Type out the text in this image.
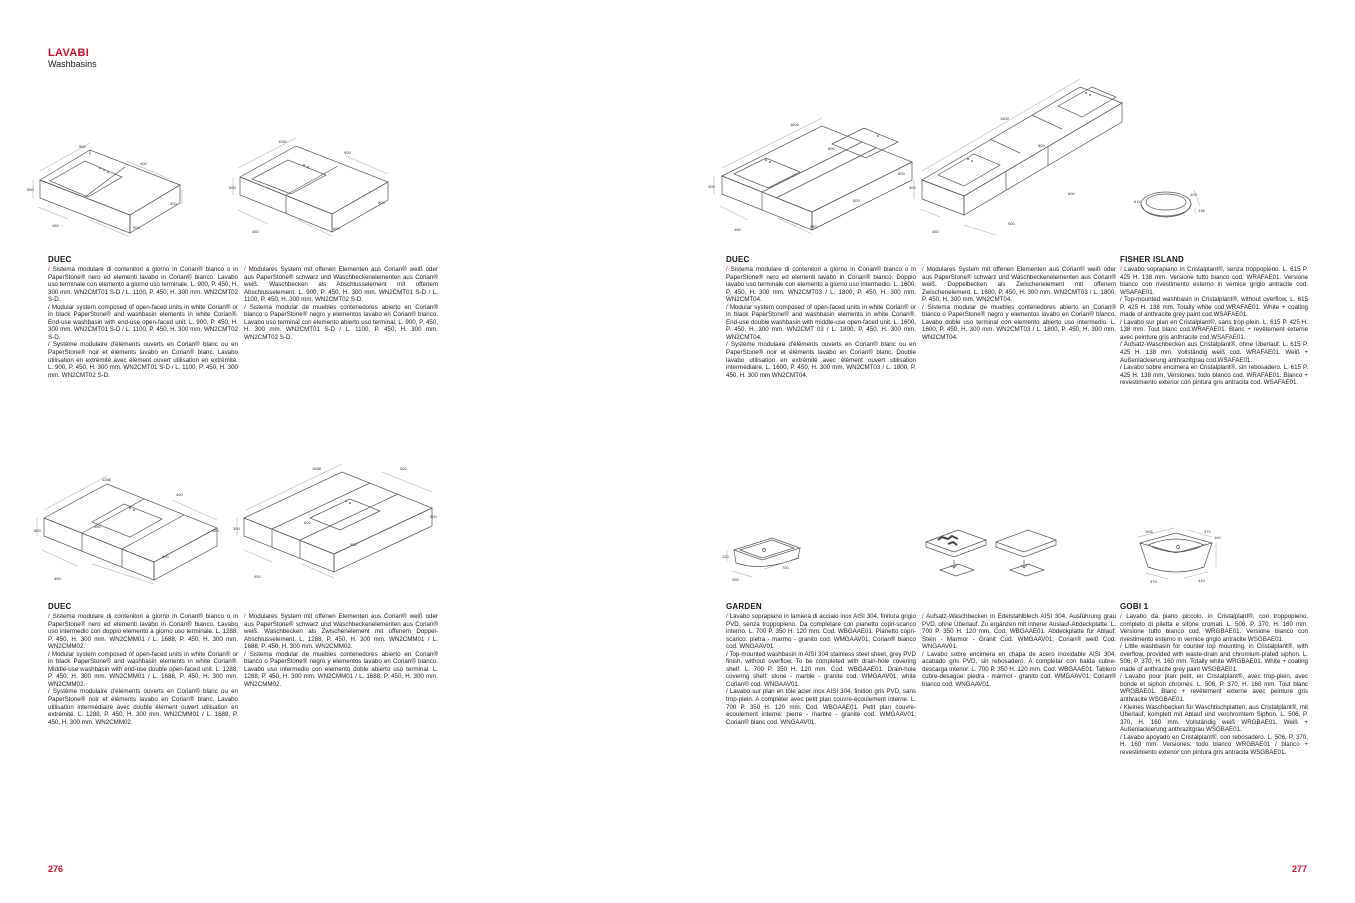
LAVABI
Washbasins
900
400
550
300
450	900
1100
900
500
500
450
650
1288
400
550
450
500
450
900
1688	500
600
500
300
900
450
1600
800
800
300
650
600
450
1800
800
300
900
600
450
615
425
138
120
700
350
506	370
160
370	410
DUEC
/ Sistema modulare di contenitori a giorno in Corian® bianco o in PaperStone® nero ed elementi lavabo in Corian® bianco. Lavabo uso terminale con elemento a giorno uso terminale. L. 900, P. 450, H. 300 mm. WN2CMT01 S-D / L. 1100, P. 450, H. 300 mm. WN2CMT02 S-D.
/ Modular system composed of open-faced units in white Corian® or in black PaperStone® and washbasin elements in white Corian®. End-use washbasin with end-use open-faced unit. L. 900, P. 450, H. 300 mm. WN2CMT01 S-D / L. 1100, P. 450, H. 300 mm. WN2CMT02 S-D.
/ Système modulaire d'éléments ouverts en Corian® blanc ou en PaperStone® noir et éléments lavabo en Corian® blanc. Lavabo utilisation en extrémité avec élément ouvert utilisation en extrémité. L. 900, P. 450, H. 300 mm. WN2CMT01 S-D / L. 1100, P. 450, H. 300 mm. WN2CMT02 S-D.
/ Modulares System mit offenen Elementen aus Corian® weiß oder aus PaperStone® schwarz und Waschbeckenelementen aus Corian® weiß. Waschbecken als Abschlusselement mit offenem Abschlusselement. L. 900, P. 450, H. 300 mm. WN2CMT01 S-D / L. 1100, P. 450, H. 300 mm. WN2CMT02 S-D.
/ Sistema modular de muebles contenedores abierto en Corian® blanco o PaperStone® negro y elementos lavabo en Corian® blanco. Lavabo uso terminal con elemento abierto uso terminal. L. 900, P. 450, H. 300 mm. WN2CMT01 S-D / L. 1100, P. 450, H. 300 mm. WN2CMT02 S-D.
DUEC
/ Sistema modulare di contenitori a giorno in Corian® bianco o in PaperStone® nero ed elementi lavabo in Corian® bianco. Lavabo uso intermedio con doppio elemento a giorno uso terminale. L. 1288, P. 450, H. 300 mm. WN2CMM01 / L. 1688, P. 450, H. 300 mm. WN2CMM02.
/ Modular system composed of open-faced units in white Corian® or in black PaperStone® and washbasin elements in white Corian®. Middle-use washbasin with end-use double open-faced unit. L. 1288, P. 450, H. 300 mm. WN2CMM01 / L. 1688, P. 450, H. 300 mm. WN2CMM02.
/ Système modulaire d'éléments ouverts en Corian® blanc ou en PaperStone® noir et éléments lavabo en Corian® blanc. Lavabo utilisation intermédiaire avec double élément ouvert utilisation en extrémité. L. 1288, P. 450, H. 300 mm. WN2CMM01 / L. 1688, P. 450, H. 300 mm. WN2CMM02.
/ Modulares System mit offenen Elementen aus Corian® weiß oder aus PaperStone® schwarz und Waschbeckenelementen aus Corian® weiß. Waschbecken als Zwischenelement mit offenem Doppel-Abschlusselement. L. 1288, P. 450, H. 300 mm. WN2CMM01 / L. 1688, P. 450, H. 300 mm. WN2CMM02.
/ Sistema modular de muebles contenedores abierto en Corian® blanco o PaperStone® negro y elementos lavabo en Corian® blanco. Lavabo uso intermedio con elemento doble abierto uso terminal. L. 1288, P. 450, H. 300 mm. WN2CMM01 / L. 1688, P. 450, H. 300 mm. WN2CMM02.
DUEC
/ Sistema modulare di contenitori a giorno in Corian® bianco o in PaperStone® nero ed elementi lavabo in Corian® bianco. Doppio lavabo uso terminale con elemento a giorno uso intermedio. L. 1600, P. 450, H. 300 mm. WN2CMT03 / L. 1800, P. 450, H. 300 mm. WN2CMT04.
/ Modular system composed of open-faced units in white Corian® or in black PaperStone® and washbasin elements in white Corian®. End-use double washbasin with middle-use open-faced unit. L. 1600, P. 450, H. 300 mm. WN2CMT 03 / L. 1800, P. 450, H. 300 mm. WN2CMT04.
/ Système modulaire d'éléments ouverts en Corian® blanc ou en PaperStone® noir et éléments lavabo en Corian® blanc. Double lavabo utilisation en extrémité avec élément ouvert utilisation intermédiaire. L. 1600, P. 450, H. 300 mm. WN2CMT03 / L. 1800, P. 450, H. 300 mm WN2CMT04.
/ Modulares System mit offenen Elementen aus Corian® weiß oder aus PaperStone® schwarz und Waschbeckenelementen aus Corian® weiß. Doppelbecken als Zwischenelement mit offenem Zwischenelement. L. 1600, P. 450, H. 300 mm. WN2CMT03 / L. 1800, P. 450, H. 300 mm. WN2CMT04.
/ Sistema modular de muebles contenedores abierto en Corian® blanco o PaperStone® negro y elementos lavabo en Corian® blanco. Lavabo doble uso terminal con elemento abierto uso intermedio. L. 1600, P. 450, H. 300 mm. WN2CMT03 / L. 1800, P. 450, H. 300 mm. WN2CMT04.
FISHER ISLAND
/ Lavabo soprapiano in Cristalplant®, senza troppopieno. L. 615 P. 425 H. 138 mm. Versione tutto bianco cod. WRAFAE01. Versione bianco con rivestimento esterno in vernice grigio antracite cod. WSAFAE01.
/ Top-mounted washbasin in Cristalplant®, without overflow. L. 615 P. 425 H. 138 mm. Totally white cod.WRAFAE01. White + coating made of anthracite grey paint cod.WSAFAE01.
/ Lavabo sur plan en Cristalplant®, sans trop-plein. L. 615 P. 425 H. 138 mm. Tout blanc cod.WRAFAE01. Blanc + revêtement externe avec peinture gris anthracite cod.WSAFAE01.
/ Aufsatz-Waschbecken aus Cristalplant®, ohne Überlauf. L. 615 P. 425 H. 138 mm. Vollständig weiß cod. WRAFAE01. Weiß + Außenlackierung anthrazitgrau cod.WSAFAE01.
/ Lavabo sobre encimera en Cristalplant®, sin rebosadero. L. 615 P. 425 H. 138 mm. Versiones: todo blanco cod. WRAFAE01. Blanco + revestimiento exterior con pintura gris antracita cod. WSAFAE01.
GARDEN
/ Lavabo soprapiano in lamiera di acciaio inox AISI 304, finitura grigio PVD, senza troppopieno. Da completare con pianetto copri-scarico interno. L. 700 P. 350 H. 120 mm. Cod. WBGAAE01. Pianetto copri-scarico: pietra - marmo - granito cod. WMGAAV01; Corian® bianco cod. WNGAAV01.
/ Top-mounted washbasin in AISI 304 stainless steel sheet, grey PVD finish, without overflow. To be completed with drain-hole covering shelf. L. 700 P. 350 H. 120 mm. Cod. WBGAAE01. Drain-hole covering shelf: stone - marble - granite cod. WMGAAV01; white Corian® cod. WNGAAV01.
/ Lavabo sur plan en tôle acier inox AISI 304, finition gris PVD, sans trop-plein. A compléter avec petit plan couvre-écoulement interne. L. 700 P. 350 H. 120 mm. Cod. WBGAAE01. Petit plan couvre-écoulement interne: pierre - marbre - granite cod. WMGAAV01; Corian® blanc cod. WNGAAV01.
/ Aufsatz-Waschbecken in Edelstahlblech AISI 304, Ausführung grau PVD, ohne Überlauf. Zu ergänzen mit innerer Auslauf-Abdeckplatte. L. 700 P. 350 H. 120 mm. Cod. WBGAAE01. Abdeckplatte für Ablauf: Stein - Marmor - Granit Cod. WMGAAV01; Corian® weiß Cod. WNGAAV01.
/ Lavabo sobre encimera en chapa de acero inoxidable AISI 304, acabado gris PVD, sin rebosadero. A completar con balda cubre-descarga interior. L. 700 P. 350 H. 120 mm. Cod. WBGAAE01. Tablero cubre-desagüe: piedra - mármol - granito cod. WMGAAV01; Corian® blanco cod. WNGAAV01.
GOBI 1
/ Lavabo da piano piccolo, in Cristalplant®, con troppopieno, completo di piletta e sifone cromati. L. 506, P. 370, H. 160 mm. Versione tutto bianco cod. WRGBAE01. Versione bianco con rivestimento esterno in vernice grigio antracite WSGBAE01.
/ Little washbasin for counter top mounting, in Cristalplant®, with overflow, provided with waste-drain and chromium-plated siphon. L. 506, P. 370, H. 160 mm. Totally white WRGBAE01. White + coating made of anthracite grey paint WSGBAE01.
/ Lavabo pour plan petit, en Cristalplant®, avec trop-plein, avec bonde et siphon chromés. L. 506, P. 370, H. 160 mm. Tout blanc WRGBAE01. Blanc + revêtement externe avec peinture gris anthracite WSGBAE01.
/ Kleines Waschbecken für Waschtischplatten, aus Cristalplant®, mit Überlauf, komplett mit Ablauf und verchromtem Siphon. L. 506, P. 370, H. 160 mm. Vollständig weiß WRGBAE01. Weiß + Außenlackierung anthrazitgrau WSGBAE01.
/ Lavabo apoyado en Cristalplant®, con rebosadero. L. 506, P. 370, H. 160 mm. Versiones: todo blanco WRGBAE01 / blanco + revestimiento exterior con pintura gris antracita WSGBAE01.
276	277
